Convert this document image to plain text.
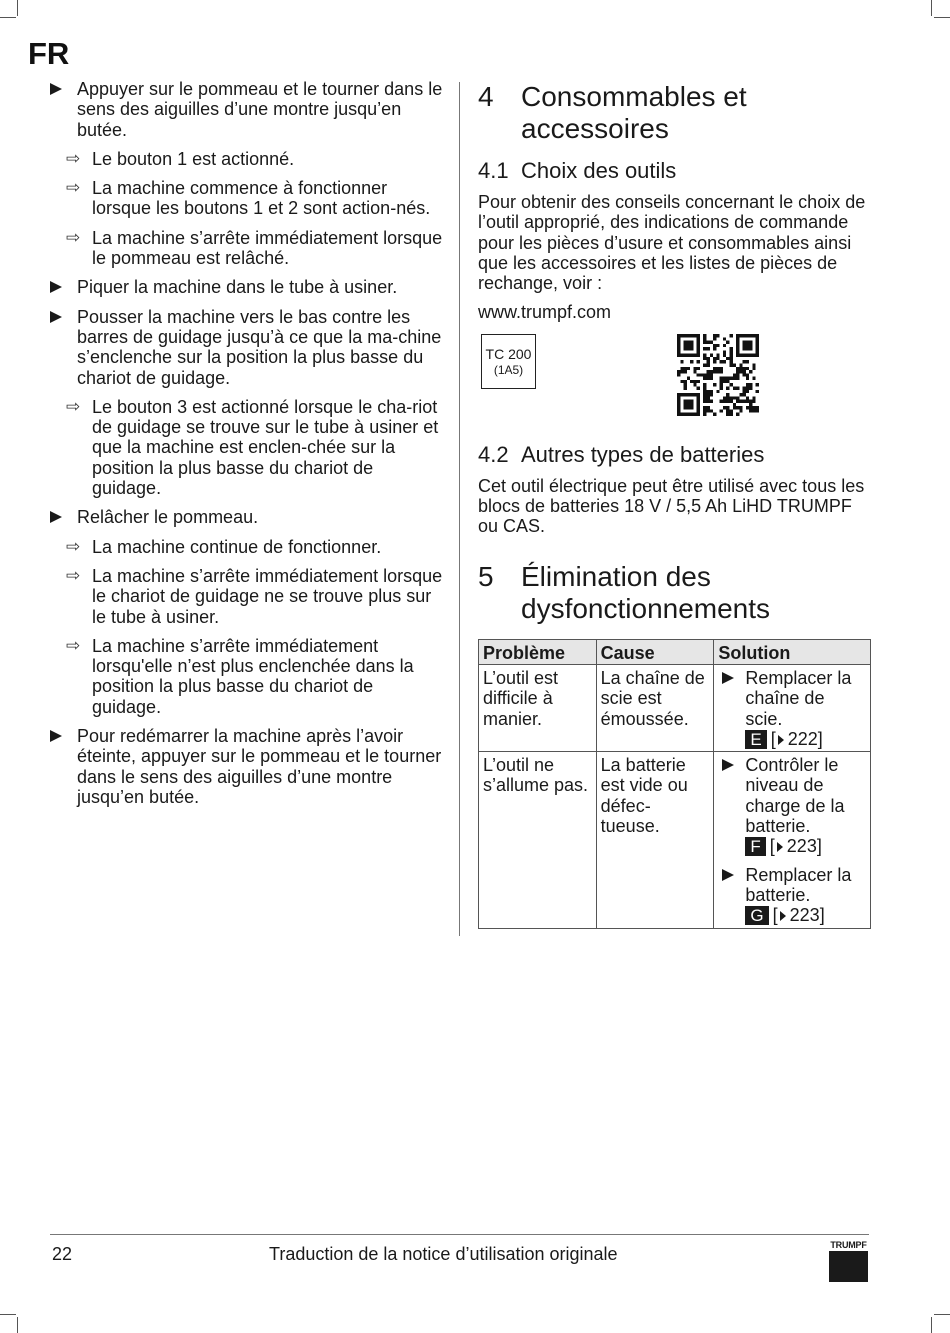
FR
Appuyer sur le pommeau et le tourner dans le sens des aiguilles d’une montre jusqu’en butée.
⇨ Le bouton 1 est actionné.
⇨ La machine commence à fonctionner lorsque les boutons 1 et 2 sont action-nés.
⇨ La machine s’arrête immédiatement lorsque le pommeau est relâché.
Piquer la machine dans le tube à usiner.
Pousser la machine vers le bas contre les barres de guidage jusqu’à ce que la ma-chine s’enclenche sur la position la plus basse du chariot de guidage.
⇨ Le bouton 3 est actionné lorsque le cha-riot de guidage se trouve sur le tube à usiner et que la machine est enclen-chée sur la position la plus basse du chariot de guidage.
Relâcher le pommeau.
⇨ La machine continue de fonctionner.
⇨ La machine s’arrête immédiatement lorsque le chariot de guidage ne se trouve plus sur le tube à usiner.
⇨ La machine s’arrête immédiatement lorsqu'elle n’est plus enclenchée dans la position la plus basse du chariot de guidage.
Pour redémarrer la machine après l’avoir éteinte, appuyer sur le pommeau et le tourner dans le sens des aiguilles d’une montre jusqu’en butée.
4 Consommables et accessoires
4.1 Choix des outils

Pour obtenir des conseils concernant le choix de l’outil approprié, des indications de commande pour les pièces d’usure et consommables ainsi que les accessoires et les listes de pièces de rechange, voir :

www.trumpf.com

TC 200
(1A5)
4.2 Autres types de batteries

Cet outil électrique peut être utilisé avec tous les blocs de batteries 18 V / 5,5 Ah LiHD TRUMPF ou CAS.

5 Élimination des dysfonctionnements
Problème	Cause	Solution
L’outil est difficile à manier.	La chaîne de scie est émoussée.	Remplacer la chaîne de scie.
E [ 222]

L’outil ne s’allume pas.	La batterie est vide ou défec-tueuse.	Contrôler le niveau de charge de la batterie.
F [ 223]
Remplacer la batterie.
G [ 223]
22	Traduction de la notice d’utilisation originale	TRUMPF
